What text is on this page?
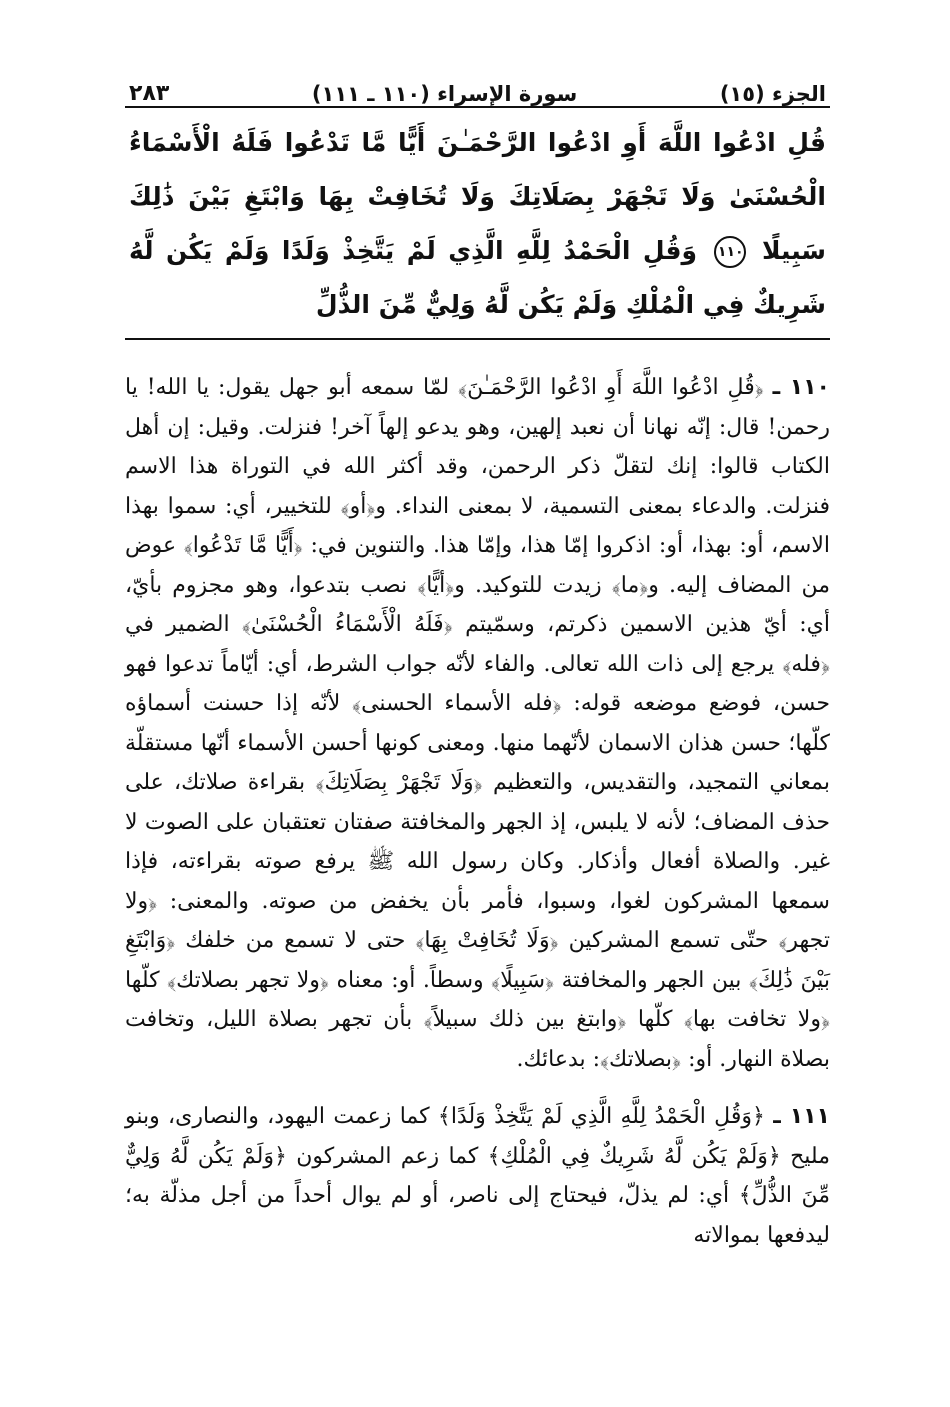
الجزء (١٥)
سورة الإسراء (١١٠ ـ ١١١)
٢٨٣
قُلِ ادْعُوا اللَّهَ أَوِ ادْعُوا الرَّحْمَـٰنَ أَيًّا مَّا تَدْعُوا فَلَهُ الْأَسْمَاءُ الْحُسْنَىٰ وَلَا تَجْهَرْ بِصَلَاتِكَ وَلَا تُخَافِتْ بِهَا وَابْتَغِ بَيْنَ ذَٰلِكَ سَبِيلًا ١١٠ وَقُلِ الْحَمْدُ لِلَّهِ الَّذِي لَمْ يَتَّخِذْ وَلَدًا وَلَمْ يَكُن لَّهُ شَرِيكٌ فِي الْمُلْكِ وَلَمْ يَكُن لَّهُ وَلِيٌّ مِّنَ الذُّلِّ

١١٠ ـ ﴿قُلِ ادْعُوا اللَّهَ أَوِ ادْعُوا الرَّحْمَـٰنَ﴾ لمّا سمعه أبو جهل يقول: يا الله! يا رحمن! قال: إنّه نهانا أن نعبد إلهين، وهو يدعو إلهاً آخر! فنزلت. وقيل: إن أهل الكتاب قالوا: إنك لتقلّ ذكر الرحمن، وقد أكثر الله في التوراة هذا الاسم فنزلت. والدعاء بمعنى التسمية، لا بمعنى النداء. و﴿أو﴾ للتخيير، أي: سموا بهذا الاسم، أو: بهذا، أو: اذكروا إمّا هذا، وإمّا هذا. والتنوين في: ﴿أَيًّا مَّا تَدْعُوا﴾ عوض من المضاف إليه. و﴿ما﴾ زيدت للتوكيد. و﴿أيًّا﴾ نصب بتدعوا، وهو مجزوم بأيّ، أي: أيّ هذين الاسمين ذكرتم، وسمّيتم ﴿فَلَهُ الْأَسْمَاءُ الْحُسْنَىٰ﴾ الضمير في ﴿فله﴾ يرجع إلى ذات الله تعالى. والفاء لأنّه جواب الشرط، أي: أيّاماً تدعوا فهو حسن، فوضع موضعه قوله: ﴿فله الأسماء الحسنى﴾ لأنّه إذا حسنت أسماؤه كلّها؛ حسن هذان الاسمان لأنّهما منها. ومعنى كونها أحسن الأسماء أنّها مستقلّة بمعاني التمجيد، والتقديس، والتعظيم ﴿وَلَا تَجْهَرْ بِصَلَاتِكَ﴾ بقراءة صلاتك، على حذف المضاف؛ لأنه لا يلبس، إذ الجهر والمخافتة صفتان تعتقبان على الصوت لا غير. والصلاة أفعال وأذكار. وكان رسول الله ﷺ يرفع صوته بقراءته، فإذا سمعها المشركون لغوا، وسبوا، فأمر بأن يخفض من صوته. والمعنى: ﴿ولا تجهر﴾ حتّى تسمع المشركين ﴿وَلَا تُخَافِتْ بِهَا﴾ حتى لا تسمع من خلفك ﴿وَابْتَغِ بَيْنَ ذَٰلِكَ﴾ بين الجهر والمخافتة ﴿سَبِيلًا﴾ وسطاً. أو: معناه ﴿ولا تجهر بصلاتك﴾ كلّها ﴿ولا تخافت بها﴾ كلّها ﴿وابتغ بين ذلك سبيلاً﴾ بأن تجهر بصلاة الليل، وتخافت بصلاة النهار. أو: ﴿بصلاتك﴾: بدعائك.

١١١ ـ ﴿وَقُلِ الْحَمْدُ لِلَّهِ الَّذِي لَمْ يَتَّخِذْ وَلَدًا﴾ كما زعمت اليهود، والنصارى، وبنو مليح ﴿وَلَمْ يَكُن لَّهُ شَرِيكٌ فِي الْمُلْكِ﴾ كما زعم المشركون ﴿وَلَمْ يَكُن لَّهُ وَلِيٌّ مِّنَ الذُّلِّ﴾ أي: لم يذلّ، فيحتاج إلى ناصر، أو لم يوال أحداً من أجل مذلّة به؛ ليدفعها بموالاته
